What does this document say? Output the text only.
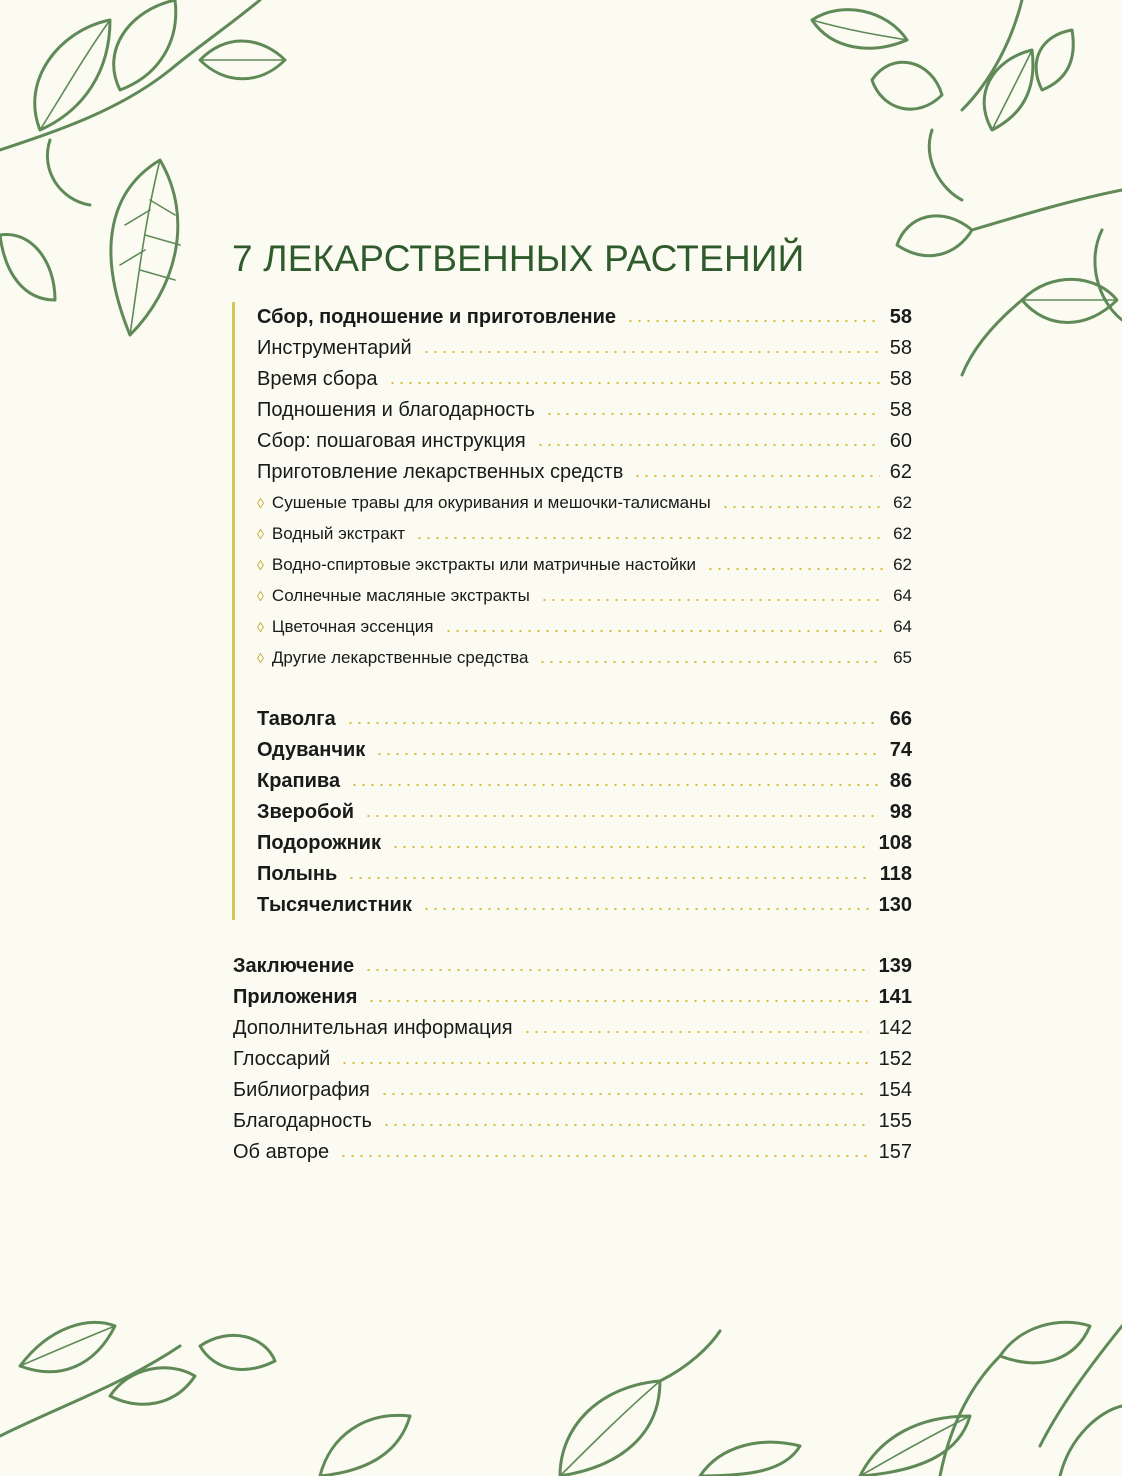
7 ЛЕКАРСТВЕННЫХ РАСТЕНИЙ
Сбор, подношение и приготовление	58
Инструментарий	58
Время сбора	58
Подношения и благодарность	58
Сбор: пошаговая инструкция	60
Приготовление лекарственных средств	62
◊ Сушеные травы для окуривания и мешочки-талисманы	62
◊ Водный экстракт	62
◊ Водно-спиртовые экстракты или матричные настойки	62
◊ Солнечные масляные экстракты	64
◊ Цветочная эссенция	64
◊ Другие лекарственные средства	65
Таволга	66
Одуванчик	74
Крапива	86
Зверобой	98
Подорожник	108
Полынь	118
Тысячелистник	130
Заключение	139
Приложения	141
Дополнительная информация	142
Глоссарий	152
Библиография	154
Благодарность	155
Об авторе	157
